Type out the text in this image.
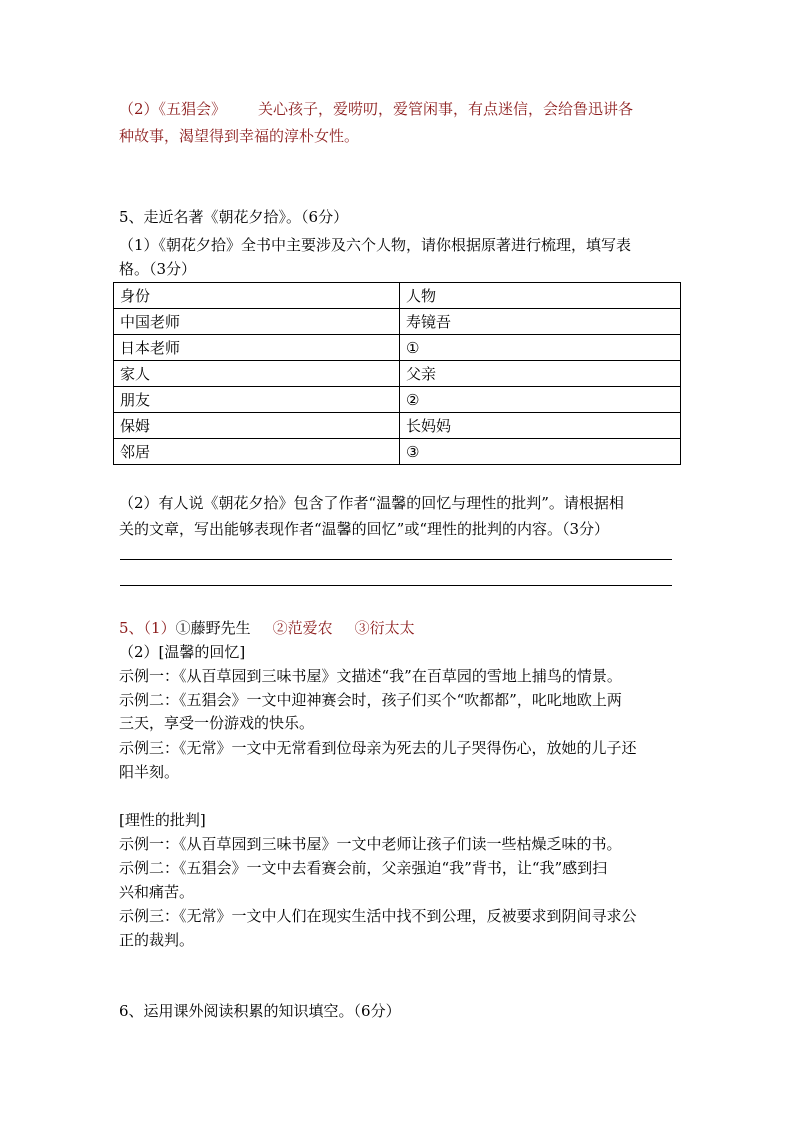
（2）《五猖会》 关心孩子，爱唠叨，爱管闲事，有点迷信，会给鲁迅讲各
种故事，渴望得到幸福的淳朴女性。
5、走近名著《朝花夕拾》。（6分）
（1）《朝花夕拾》全书中主要涉及六个人物，请你根据原著进行梳理，填写表
格。（3分）
身份	人物
中国老师	寿镜吾
日本老师	①
家人	父亲
朋友	②
保姆	长妈妈
邻居	③
（2）有人说《朝花夕拾》包含了作者“温馨的回忆与理性的批判”。请根据相
关的文章，写出能够表现作者“温馨的回忆”或“理性的批判的内容。（3分）
5、（1）①藤野先生 ②范爱农 ③衍太太
（2）[温馨的回忆]
示例一：《从百草园到三味书屋》文描述“我”在百草园的雪地上捕鸟的情景。
示例二：《五猖会》一文中迎神赛会时，孩子们买个“吹都都”，叱叱地欧上两
三天，享受一份游戏的快乐。
示例三：《无常》一文中无常看到位母亲为死去的儿子哭得伤心，放她的儿子还
阳半刻。
[理性的批判]
示例一：《从百草园到三味书屋》一文中老师让孩子们读一些枯燥乏味的书。
示例二：《五猖会》一文中去看赛会前，父亲强迫“我”背书，让“我”感到扫
兴和痛苦。
示例三：《无常》一文中人们在现实生活中找不到公理，反被要求到阴间寻求公
正的裁判。
6、运用课外阅读积累的知识填空。（6分）
